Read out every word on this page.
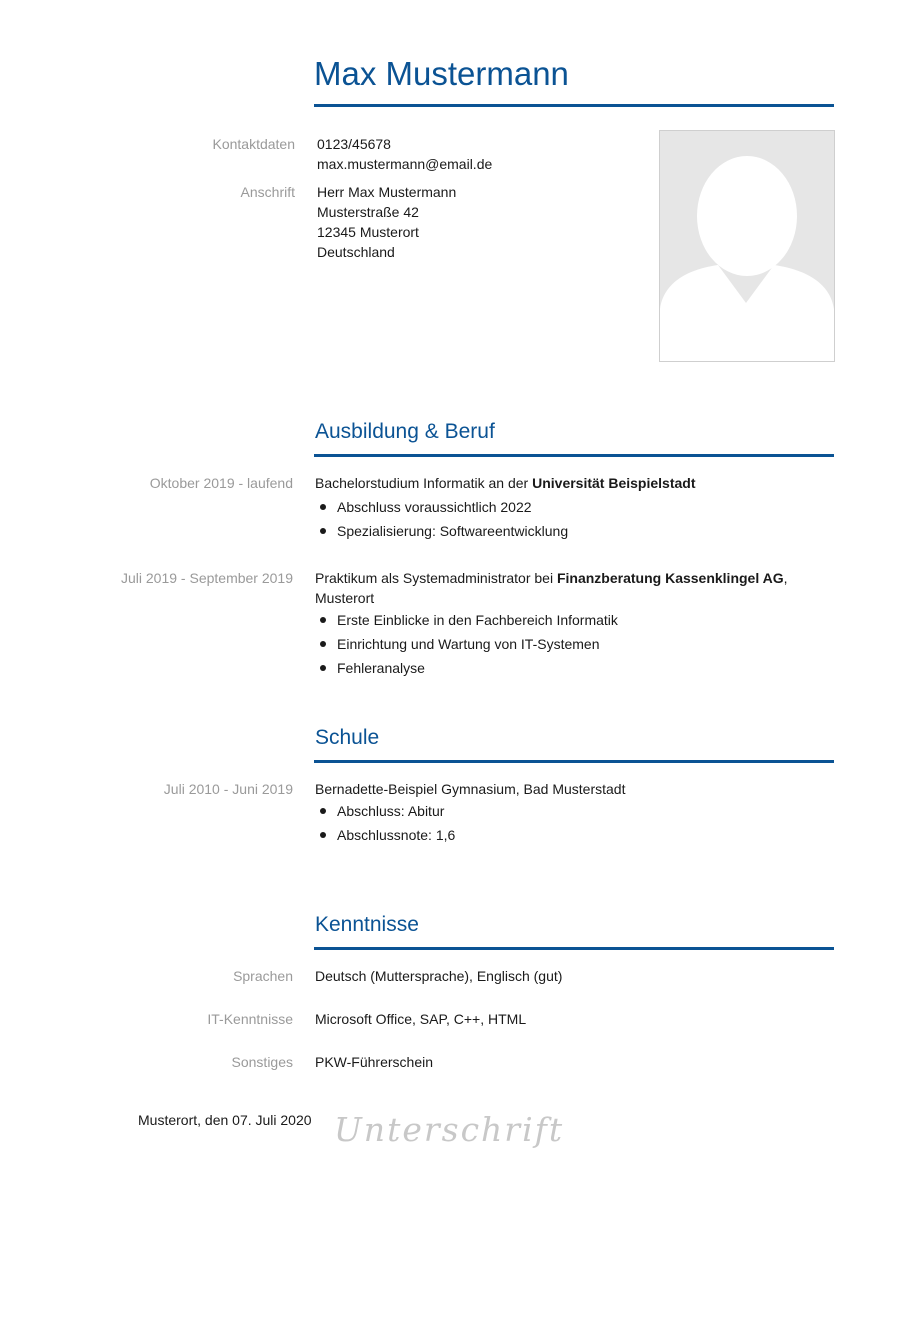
Max Mustermann
Kontaktdaten 0123/45678
max.mustermann@email.de
Anschrift Herr Max Mustermann
Musterstraße 42
12345 Musterort
Deutschland
Ausbildung & Beruf
Oktober 2019 - laufend Bachelorstudium Informatik an der Universität Beispielstadt
Abschluss voraussichtlich 2022
Spezialisierung: Softwareentwicklung
Juli 2019 - September 2019 Praktikum als Systemadministrator bei Finanzberatung Kassenklingel AG,
Musterort
Erste Einblicke in den Fachbereich Informatik
Einrichtung und Wartung von IT-Systemen
Fehleranalyse
Schule
Juli 2010 - Juni 2019 Bernadette-Beispiel Gymnasium, Bad Musterstadt
Abschluss: Abitur
Abschlussnote: 1,6
Kenntnisse
Sprachen Deutsch (Muttersprache), Englisch (gut)
IT-Kenntnisse Microsoft Office, SAP, C++, HTML
Sonstiges PKW-Führerschein
Musterort, den 07. Juli 2020 Unterschrift
